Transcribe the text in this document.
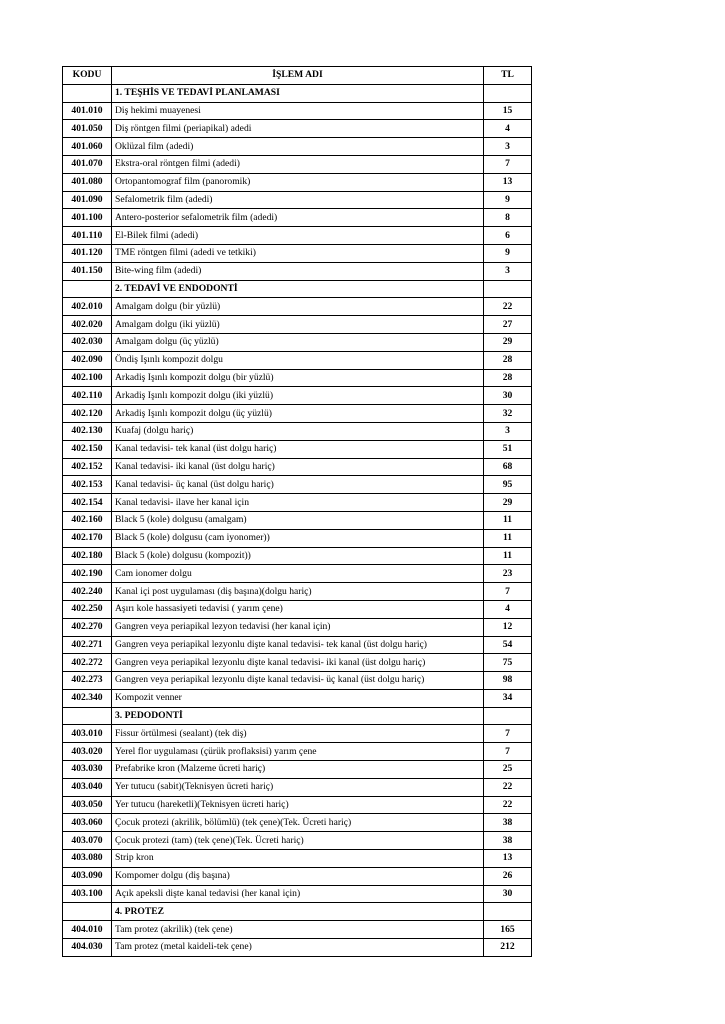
KODU	İŞLEM ADI	TL
	1. TEŞHİS VE TEDAVİ PLANLAMASI	
401.010	Diş hekimi muayenesi	15
401.050	Diş röntgen filmi (periapikal) adedi	4
401.060	Oklüzal film (adedi)	3
401.070	Ekstra-oral röntgen filmi (adedi)	7
401.080	Ortopantomograf film (panoromik)	13
401.090	Sefalometrik film (adedi)	9
401.100	Antero-posterior sefalometrik film (adedi)	8
401.110	El-Bilek filmi (adedi)	6
401.120	TME röntgen filmi (adedi ve tetkiki)	9
401.150	Bite-wing film (adedi)	3
	2. TEDAVİ VE ENDODONTİ	
402.010	Amalgam dolgu (bir yüzlü)	22
402.020	Amalgam dolgu (iki yüzlü)	27
402.030	Amalgam dolgu (üç yüzlü)	29
402.090	Öndiş Işınlı kompozit dolgu	28
402.100	Arkadiş Işınlı kompozit dolgu (bir yüzlü)	28
402.110	Arkadiş Işınlı kompozit dolgu (iki yüzlü)	30
402.120	Arkadiş Işınlı kompozit dolgu (üç yüzlü)	32
402.130	Kuafaj (dolgu hariç)	3
402.150	Kanal tedavisi- tek kanal (üst dolgu hariç)	51
402.152	Kanal tedavisi- iki kanal (üst dolgu hariç)	68
402.153	Kanal tedavisi- üç kanal (üst dolgu hariç)	95
402.154	Kanal tedavisi- ilave her kanal için	29
402.160	Black 5 (kole) dolgusu (amalgam)	11
402.170	Black 5 (kole) dolgusu (cam iyonomer))	11
402.180	Black 5 (kole) dolgusu (kompozit))	11
402.190	Cam ionomer dolgu	23
402.240	Kanal içi post uygulaması (diş başına)(dolgu hariç)	7
402.250	Aşırı kole hassasiyeti tedavisi ( yarım çene)	4
402.270	Gangren veya periapikal lezyon tedavisi (her kanal için)	12
402.271	Gangren veya periapikal lezyonlu dişte kanal tedavisi- tek kanal (üst dolgu hariç)	54
402.272	Gangren veya periapikal lezyonlu dişte kanal tedavisi- iki kanal (üst dolgu hariç)	75
402.273	Gangren veya periapikal lezyonlu dişte kanal tedavisi- üç kanal (üst dolgu hariç)	98
402.340	Kompozit venner	34
	3. PEDODONTİ	
403.010	Fissur örtülmesi (sealant) (tek diş)	7
403.020	Yerel flor uygulaması (çürük proflaksisi) yarım çene	7
403.030	Prefabrike kron (Malzeme ücreti hariç)	25
403.040	Yer tutucu (sabit)(Teknisyen ücreti hariç)	22
403.050	Yer tutucu (hareketli)(Teknisyen ücreti hariç)	22
403.060	Çocuk protezi (akrilik, bölümlü) (tek çene)(Tek. Ücreti hariç)	38
403.070	Çocuk protezi (tam) (tek çene)(Tek. Ücreti hariç)	38
403.080	Strip kron	13
403.090	Kompomer dolgu (diş başına)	26
403.100	Açık apeksli dişte kanal tedavisi (her kanal için)	30
	4. PROTEZ	
404.010	Tam protez (akrilik) (tek çene)	165
404.030	Tam protez (metal kaideli-tek çene)	212
